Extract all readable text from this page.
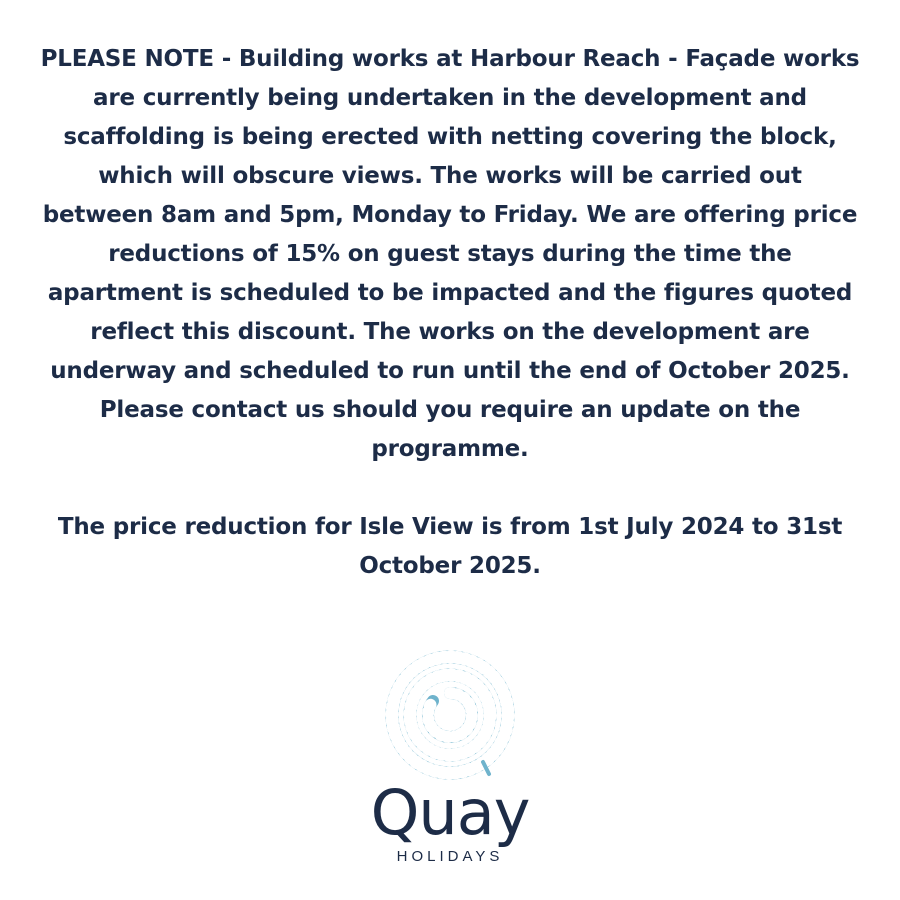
PLEASE NOTE - Building works at Harbour Reach - Façade works are currently being undertaken in the development and scaffolding is being erected with netting covering the block, which will obscure views. The works will be carried out between 8am and 5pm, Monday to Friday. We are offering price reductions of 15% on guest stays during the time the apartment is scheduled to be impacted and the figures quoted reflect this discount. The works on the development are underway and scheduled to run until the end of October 2025. Please contact us should you require an update on the programme.

The price reduction for Isle View is from 1st July 2024 to 31st October 2025.

Quay
HOLIDAYS
